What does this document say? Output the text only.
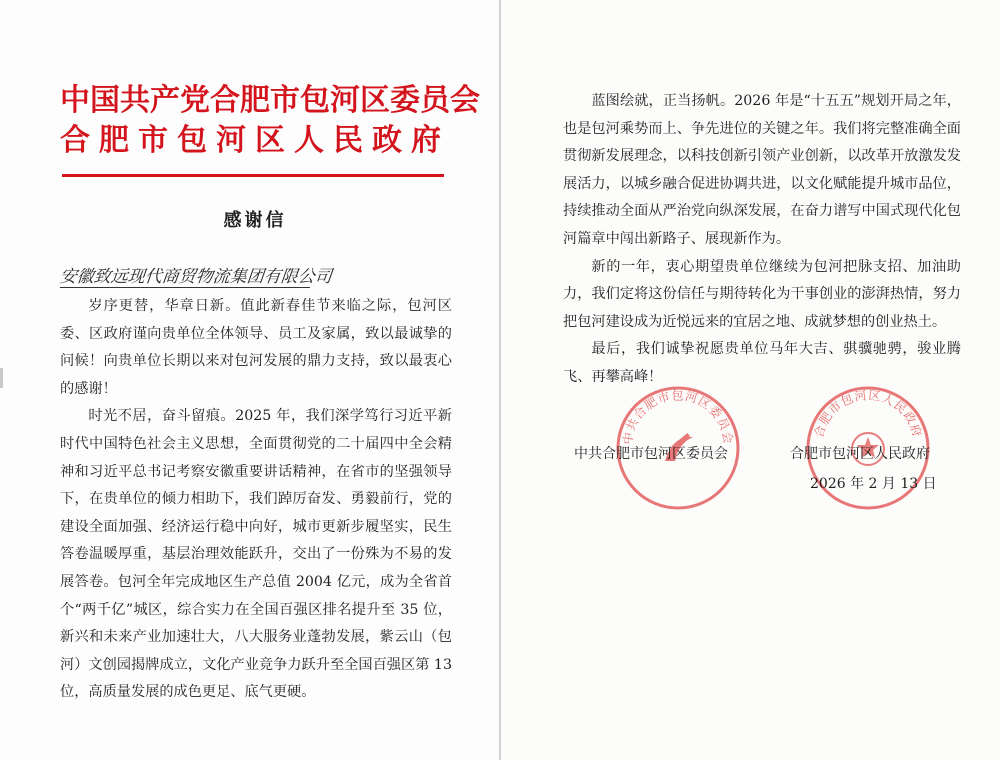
中国共产党合肥市包河区委员会
合肥市包河区人民政府
感谢信
安徽致远现代商贸物流集团有限公司

岁序更替，华章日新。值此新春佳节来临之际，包河区委、区政府谨向贵单位全体领导、员工及家属，致以最诚挚的问候！向贵单位长期以来对包河发展的鼎力支持，致以最衷心的感谢！

时光不居，奋斗留痕。2025 年，我们深学笃行习近平新时代中国特色社会主义思想，全面贯彻党的二十届四中全会精神和习近平总书记考察安徽重要讲话精神，在省市的坚强领导下，在贵单位的倾力相助下，我们踔厉奋发、勇毅前行，党的建设全面加强、经济运行稳中向好，城市更新步履坚实，民生答卷温暖厚重，基层治理效能跃升，交出了一份殊为不易的发展答卷。包河全年完成地区生产总值 2004 亿元，成为全省首个“两千亿”城区，综合实力在全国百强区排名提升至 35 位，新兴和未来产业加速壮大，八大服务业蓬勃发展，紫云山（包河）文创园揭牌成立，文化产业竞争力跃升至全国百强区第 13 位，高质量发展的成色更足、底气更硬。

蓝图绘就，正当扬帆。2026 年是“十五五”规划开局之年，也是包河乘势而上、争先进位的关键之年。我们将完整准确全面贯彻新发展理念，以科技创新引领产业创新，以改革开放激发发展活力，以城乡融合促进协调共进，以文化赋能提升城市品位，持续推动全面从严治党向纵深发展，在奋力谱写中国式现代化包河篇章中闯出新路子、展现新作为。

新的一年，衷心期望贵单位继续为包河把脉支招、加油助力，我们定将这份信任与期待转化为干事创业的澎湃热情，努力把包河建设成为近悦远来的宜居之地、成就梦想的创业热土。

最后，我们诚挚祝愿贵单位马年大吉、骐骥驰骋，骏业腾飞、再攀高峰！

中共合肥市包河区委员会	合肥市包河区人民政府
中共合肥市包河区委员会	合肥市包河区人民政府
2026 年 2 月 13 日
